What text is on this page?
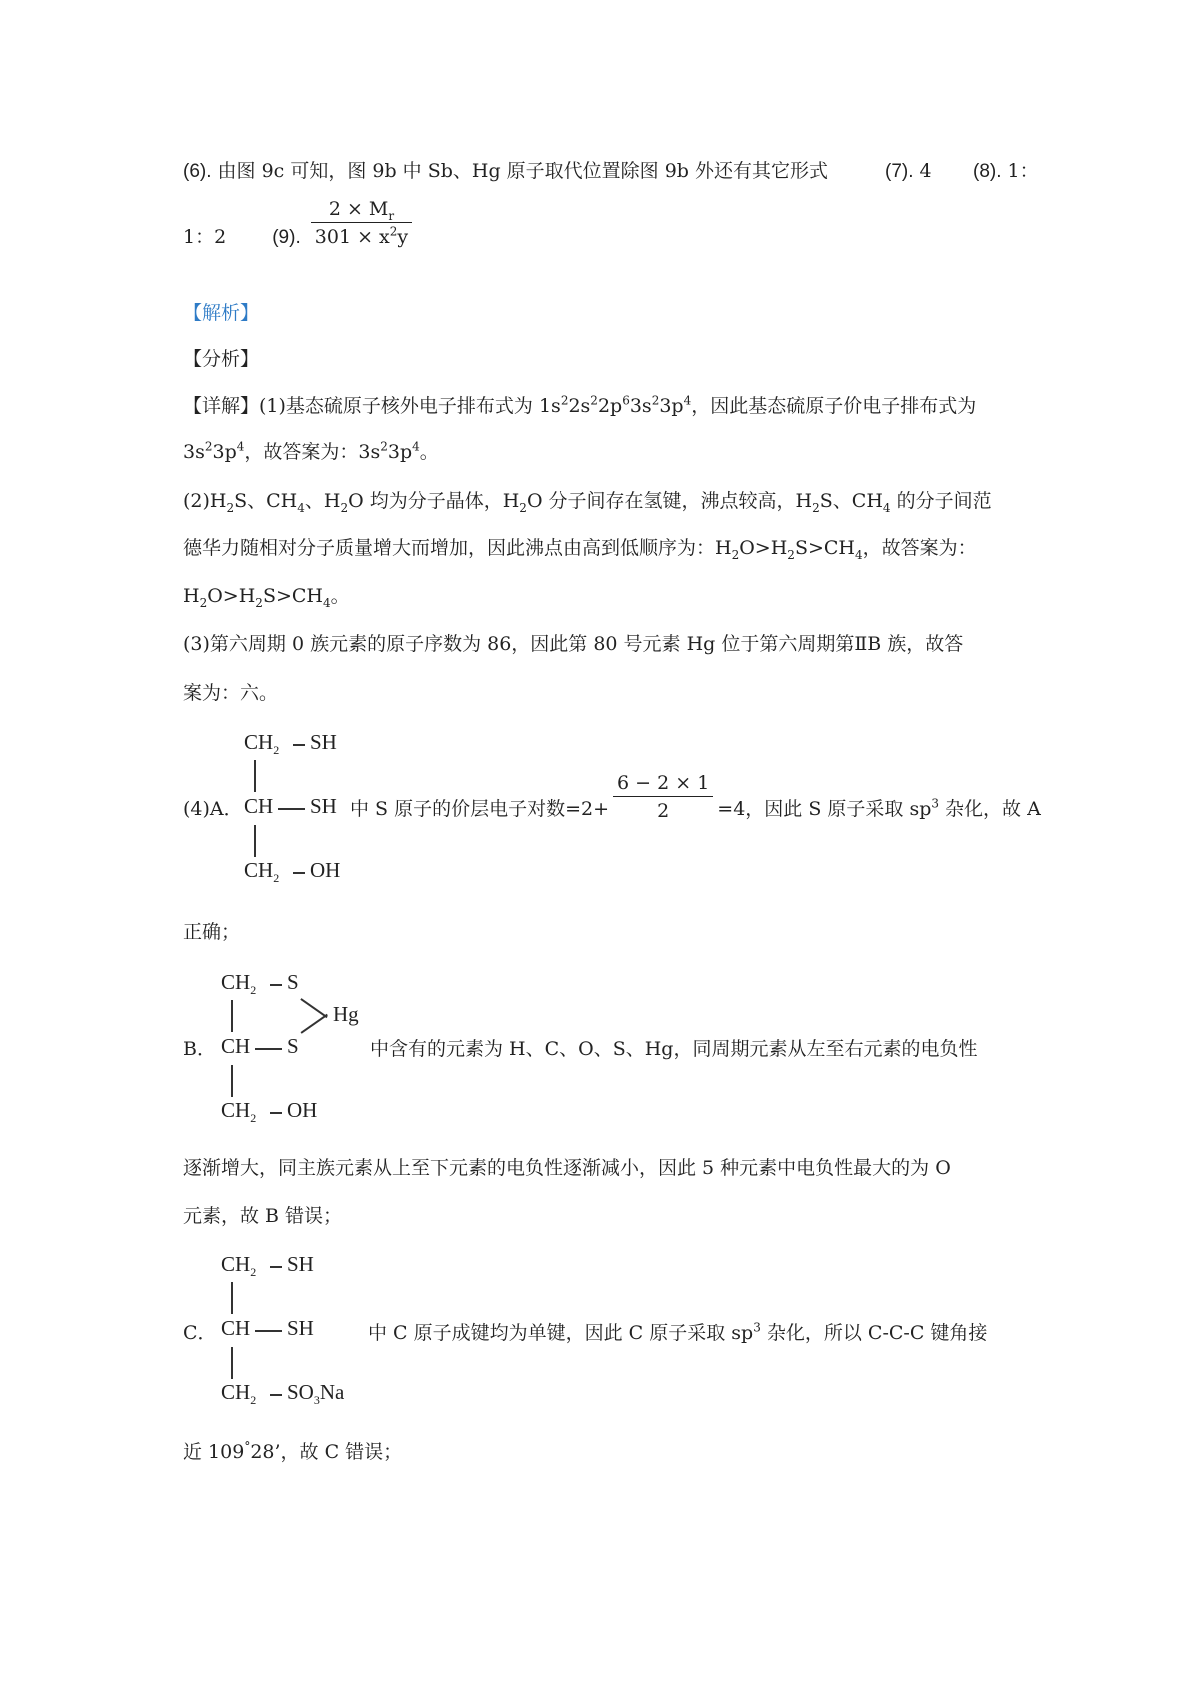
(6). 由图 9c 可知，图 9b 中 Sb、Hg 原子取代位置除图 9b 外还有其它形式	(7). 4 (8). 1：
1：2 (9). $\frac{2 \times M_r}{301 \times x^2y}$
【解析】
【分析】
【详解】(1)基态硫原子核外电子排布式为 $1s^22s^22p^63s^23p^4$，因此基态硫原子价电子排布式为
$3s^23p^4$，故答案为：$3s^23p^4$。
$(2)H_2S$、$CH_4$、$H_2O$ 均为分子晶体，$H_2O$ 分子间存在氢键，沸点较高，$H_2S$、$CH_4$ 的分子间范
德华力随相对分子质量增大而增加，因此沸点由高到低顺序为：$H_2O>H_2S>CH_4$，故答案为：
$H_2O>H_2S>CH_4$。
(3)第六周期 0 族元素的原子序数为 86，因此第 80 号元素 Hg 位于第六周期第ⅡB 族，故答
案为：六。
$CH_2$ SH
CH SH
$CH_2$ OH
(4)A．	中 S 原子的价层电子对数$=2+ \frac{6 - 2 \times 1}{2} =4$，因此 S 原子采取 $sp^3$ 杂化，故 A
正确；
$CH_2$ S
Hg
CH S
$CH_2$ OH
B．	中含有的元素为 H、C、O、S、Hg，同周期元素从左至右元素的电负性
逐渐增大，同主族元素从上至下元素的电负性逐渐减小，因此 5 种元素中电负性最大的为 O
元素，故 B 错误；
$CH_2$ SH
CH SH
$CH_2$ $SO_3Na$
C．	中 C 原子成键均为单键，因此 C 原子采取 $sp^3$ 杂化，所以 C-C-C 键角接
近 109°28’，故 C 错误；
